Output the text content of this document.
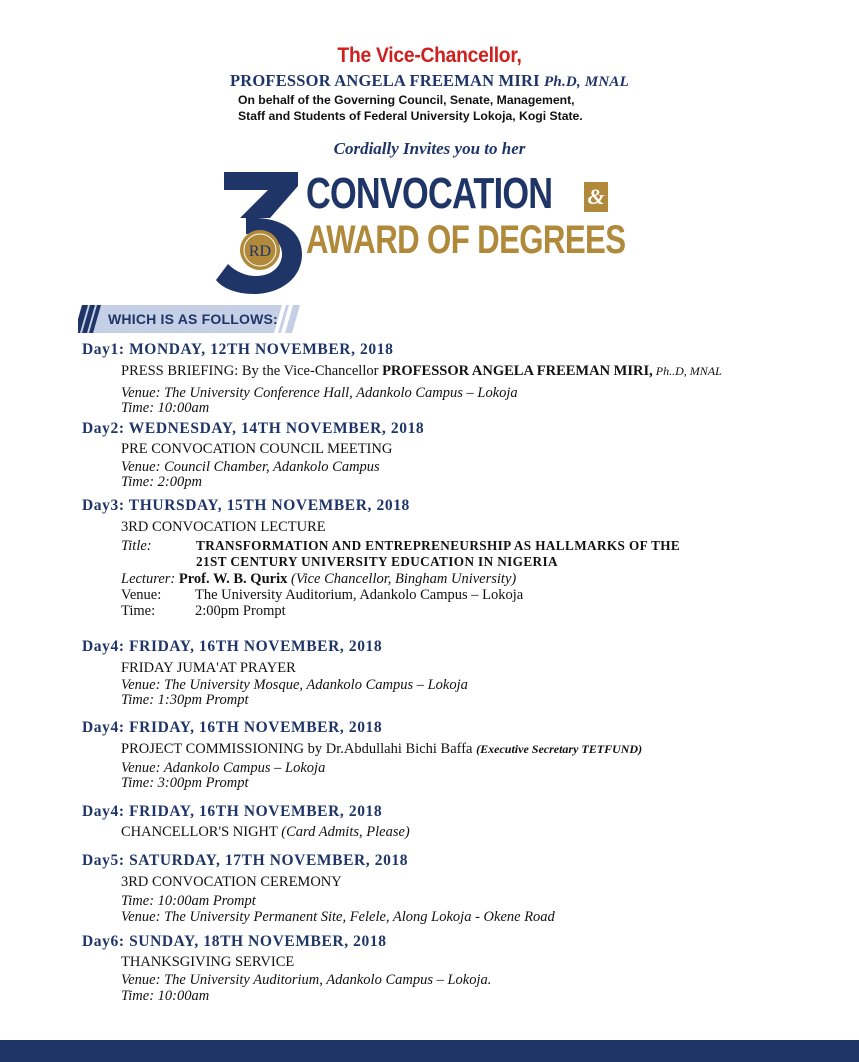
The Vice-Chancellor,
PROFESSOR ANGELA FREEMAN MIRI Ph.D, MNAL
On behalf of the Governing Council, Senate, Management,
Staff and Students of Federal University Lokoja, Kogi State.
Cordially Invites you to her
RD
CONVOCATION &
AWARD OF DEGREES
WHICH IS AS FOLLOWS:
Day1: MONDAY, 12TH NOVEMBER, 2018
PRESS BRIEFING: By the Vice-Chancellor PROFESSOR ANGELA FREEMAN MIRI, Ph..D, MNAL
Venue: The University Conference Hall, Adankolo Campus – Lokoja
Time: 10:00am
Day2: WEDNESDAY, 14TH NOVEMBER, 2018
PRE CONVOCATION COUNCIL MEETING
Venue: Council Chamber, Adankolo Campus
Time: 2:00pm
Day3: THURSDAY, 15TH NOVEMBER, 2018
3RD CONVOCATION LECTURE
Title:	TRANSFORMATION AND ENTREPRENEURSHIP AS HALLMARKS OF THE
21ST CENTURY UNIVERSITY EDUCATION IN NIGERIA
Lecturer: Prof. W. B. Qurix (Vice Chancellor, Bingham University)
Venue: The University Auditorium, Adankolo Campus – Lokoja
Time:	2:00pm Prompt
Day4: FRIDAY, 16TH NOVEMBER, 2018
FRIDAY JUMA'AT PRAYER
Venue: The University Mosque, Adankolo Campus – Lokoja
Time: 1:30pm Prompt
Day4: FRIDAY, 16TH NOVEMBER, 2018
PROJECT COMMISSIONING by Dr.Abdullahi Bichi Baffa (Executive Secretary TETFUND)
Venue: Adankolo Campus – Lokoja
Time: 3:00pm Prompt
Day4: FRIDAY, 16TH NOVEMBER, 2018
CHANCELLOR'S NIGHT (Card Admits, Please)
Day5: SATURDAY, 17TH NOVEMBER, 2018
3RD CONVOCATION CEREMONY
Time: 10:00am Prompt
Venue: The University Permanent Site, Felele, Along Lokoja - Okene Road
Day6: SUNDAY, 18TH NOVEMBER, 2018
THANKSGIVING SERVICE
Venue: The University Auditorium, Adankolo Campus – Lokoja.
Time: 10:00am
